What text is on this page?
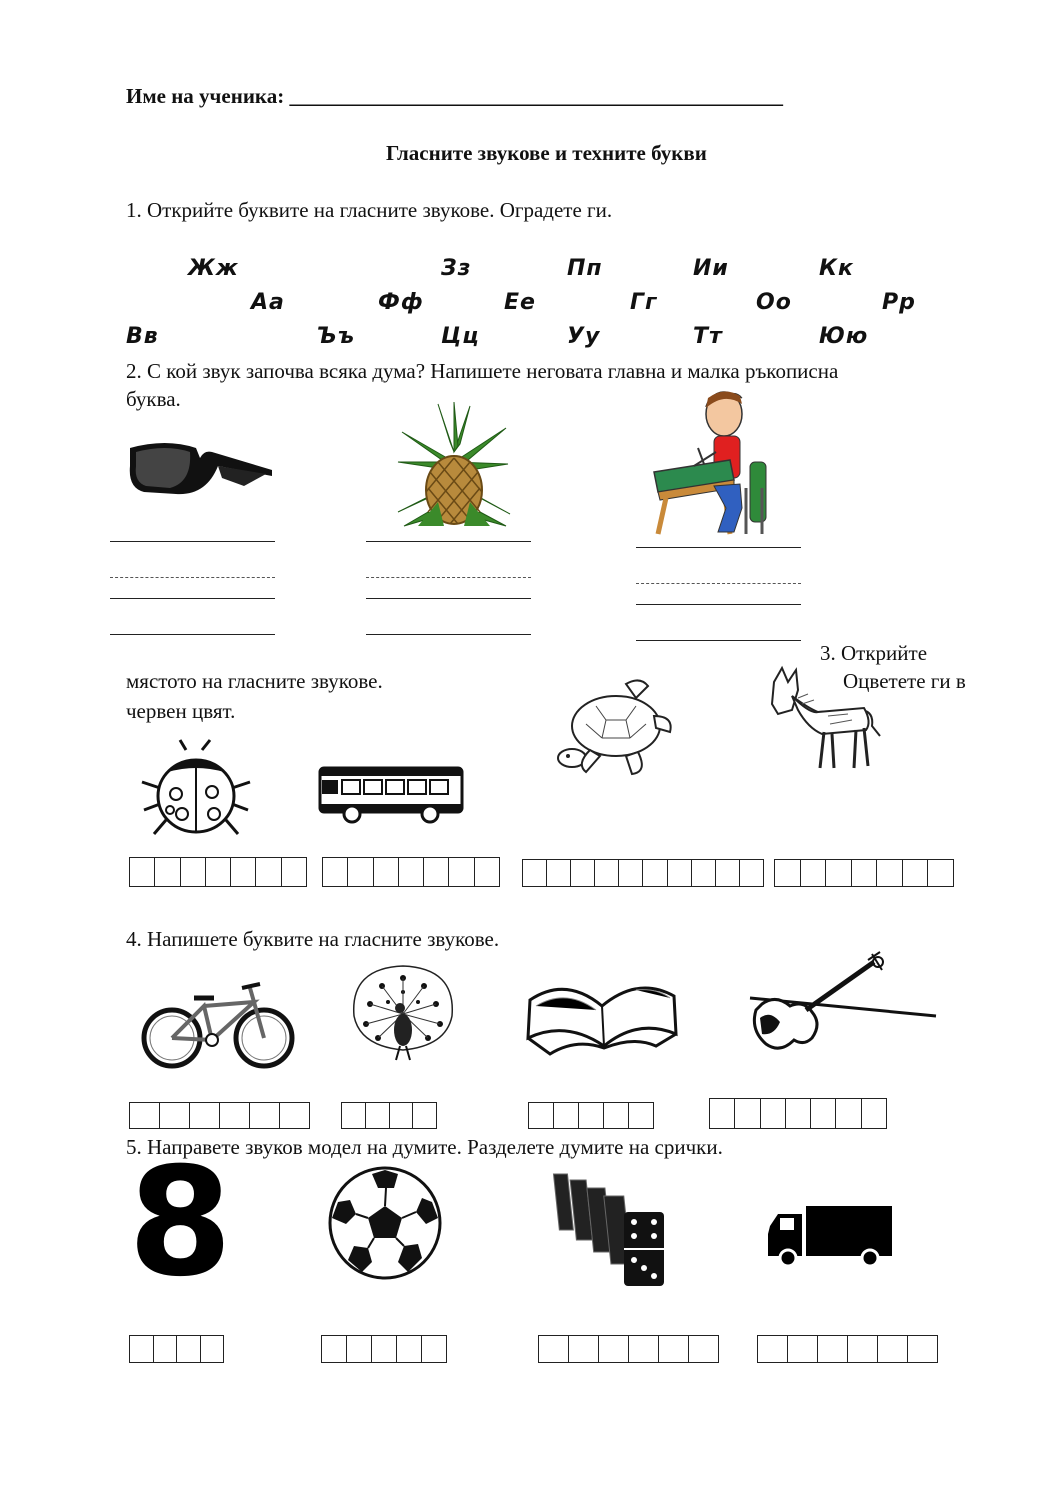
Име на ученика: _______________________________________________
Гласните звукове и техните букви
1. Открийте буквите на гласните звукове. Оградете ги.
Жж	Зз	Пп	Ии	Кк
Аа	Фф	Ее	Гг	Оо	Рр
Вв	Ъъ	Цц	Уу	Тт	Юю
2. С кой звук започва всяка дума? Напишете неговата главна и малка ръкописна
буква.
3. Открийте
мястото на гласните звукове.	Оцветете ги в
червен цвят.
4. Напишете буквите на гласните звукове.
5. Направете звуков модел на думите. Разделете думите на срички.
8
